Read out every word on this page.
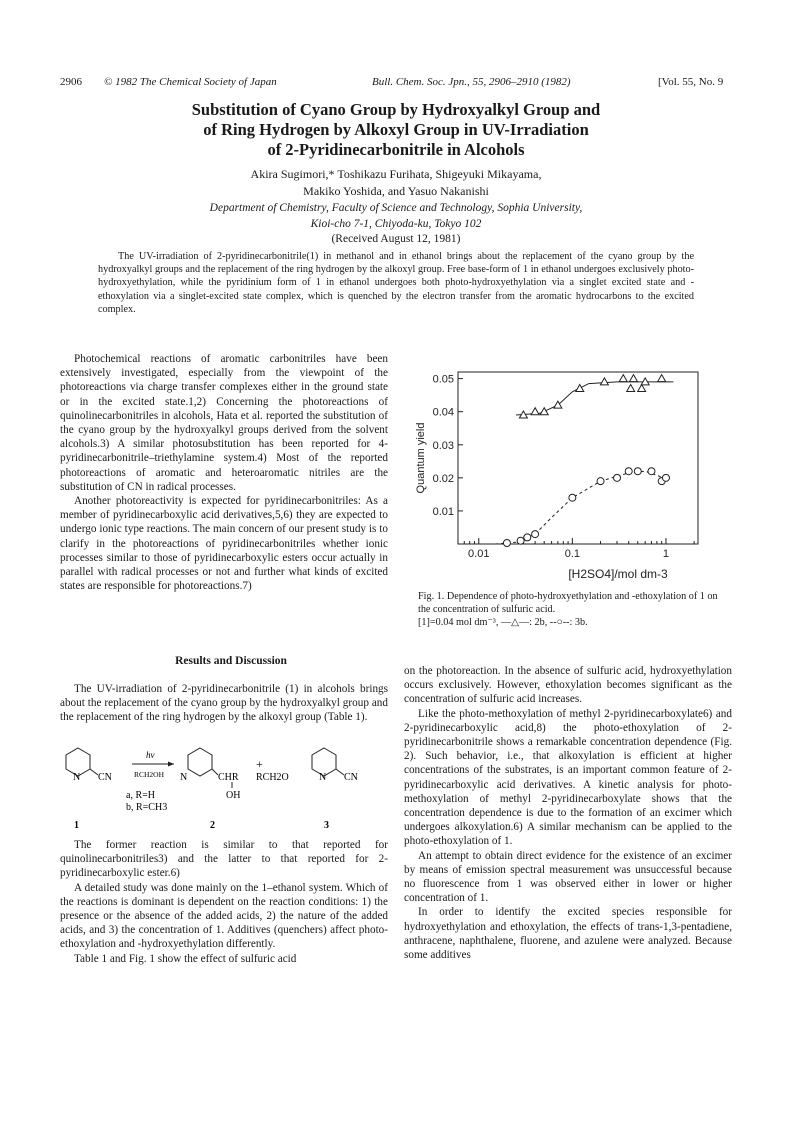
2906 © 1982 The Chemical Society of Japan	Bull. Chem. Soc. Jpn., 55, 2906–2910 (1982)	[Vol. 55, No. 9
Substitution of Cyano Group by Hydroxyalkyl Group and
of Ring Hydrogen by Alkoxyl Group in UV-Irradiation
of 2-Pyridinecarbonitrile in Alcohols
Akira Sugimori,* Toshikazu Furihata, Shigeyuki Mikayama,
Makiko Yoshida, and Yasuo Nakanishi
Department of Chemistry, Faculty of Science and Technology, Sophia University,
Kioi-cho 7-1, Chiyoda-ku, Tokyo 102
(Received August 12, 1981)
The UV-irradiation of 2-pyridinecarbonitrile(1) in methanol and in ethanol brings about the replacement of the cyano group by the hydroxyalkyl groups and the replacement of the ring hydrogen by the alkoxyl group. Free base-form of 1 in ethanol undergoes exclusively photo-hydroxyethylation, while the pyridinium form of 1 in ethanol undergoes both photo-hydroxyethylation via a singlet excited state and -ethoxylation via a singlet-excited state complex, which is quenched by the electron transfer from the aromatic hydrocarbons to the excited complex.

Photochemical reactions of aromatic carbonitriles have been extensively investigated, especially from the viewpoint of the photoreactions via charge transfer complexes either in the ground state or in the excited state.1,2) Concerning the photoreactions of quinolinecarbonitriles in alcohols, Hata et al. reported the substitution of the cyano group by the hydroxyalkyl groups derived from the solvent alcohols.3) A similar photosubstitution has been reported for 4-pyridinecarbonitrile–triethylamine system.4) Most of the reported photoreactions of aromatic and heteroaromatic nitriles are the substitution of CN in radical processes.

Another photoreactivity is expected for pyridinecarbonitriles: As a member of pyridinecarboxylic acid derivatives,5,6) they are expected to undergo ionic type reactions. The main concern of our present study is to clarify in the photoreactions of pyridinecarbonitriles whether ionic processes similar to those of pyridinecarboxylic esters occur actually in parallel with radical processes or not and further what kinds of excited states are responsible for photoreactions.7)

Results and Discussion

The UV-irradiation of 2-pyridinecarbonitrile (1) in alcohols brings about the replacement of the cyano group by the hydroxyalkyl group and the replacement of the ring hydrogen by the alkoxyl group (Table 1).

N CN
hν
RCH2OH N	CHR
OH
+
RCH2O	N CN
a, R=H
b, R=CH3
1	2	3

The former reaction is similar to that reported for quinolinecarbonitriles3) and the latter to that reported for 2-pyridinecarboxylic ester.6)

A detailed study was done mainly on the 1–ethanol system. Which of the reactions is dominant is dependent on the reaction conditions: 1) the presence or the absence of the added acids, 2) the nature of the added acids, and 3) the concentration of 1. Additives (quenchers) affect photo-ethoxylation and -hydroxyethylation differently.

Table 1 and Fig. 1 show the effect of sulfuric acid

0.01
0.02
0.03
0.04
0.05
0.01	0.1	1
[H2SO4]/mol dm-3
Quantum yield

Fig. 1. Dependence of photo-hydroxyethylation and -ethoxylation of 1 on the concentration of sulfuric acid.

[1]=0.04 mol dm⁻³, —△—: 2b, --○--: 3b.

on the photoreaction. In the absence of sulfuric acid, hydroxyethylation occurs exclusively. However, ethoxylation becomes significant as the concentration of sulfuric acid increases.

Like the photo-methoxylation of methyl 2-pyridinecarboxylate6) and 2-pyridinecarboxylic acid,8) the photo-ethoxylation of 2-pyridinecarbonitrile shows a remarkable concentration dependence (Fig. 2). Such behavior, i.e., that alkoxylation is efficient at higher concentrations of the substrates, is an important common feature of 2-pyridinecarboxylic acid derivatives. A kinetic analysis for photo-methoxylation of methyl 2-pyridinecarboxylate shows that the concentration dependence is due to the formation of an excimer which undergoes alkoxylation.6) A similar mechanism can be applied to the photo-ethoxylation of 1.

An attempt to obtain direct evidence for the existence of an excimer by means of emission spectral measurement was unsuccessful because no fluorescence from 1 was observed either in lower or higher concentration of 1.

In order to identify the excited species responsible for hydroxyethylation and ethoxylation, the effects of trans-1,3-pentadiene, anthracene, naphthalene, fluorene, and azulene were analyzed. Because some additives
